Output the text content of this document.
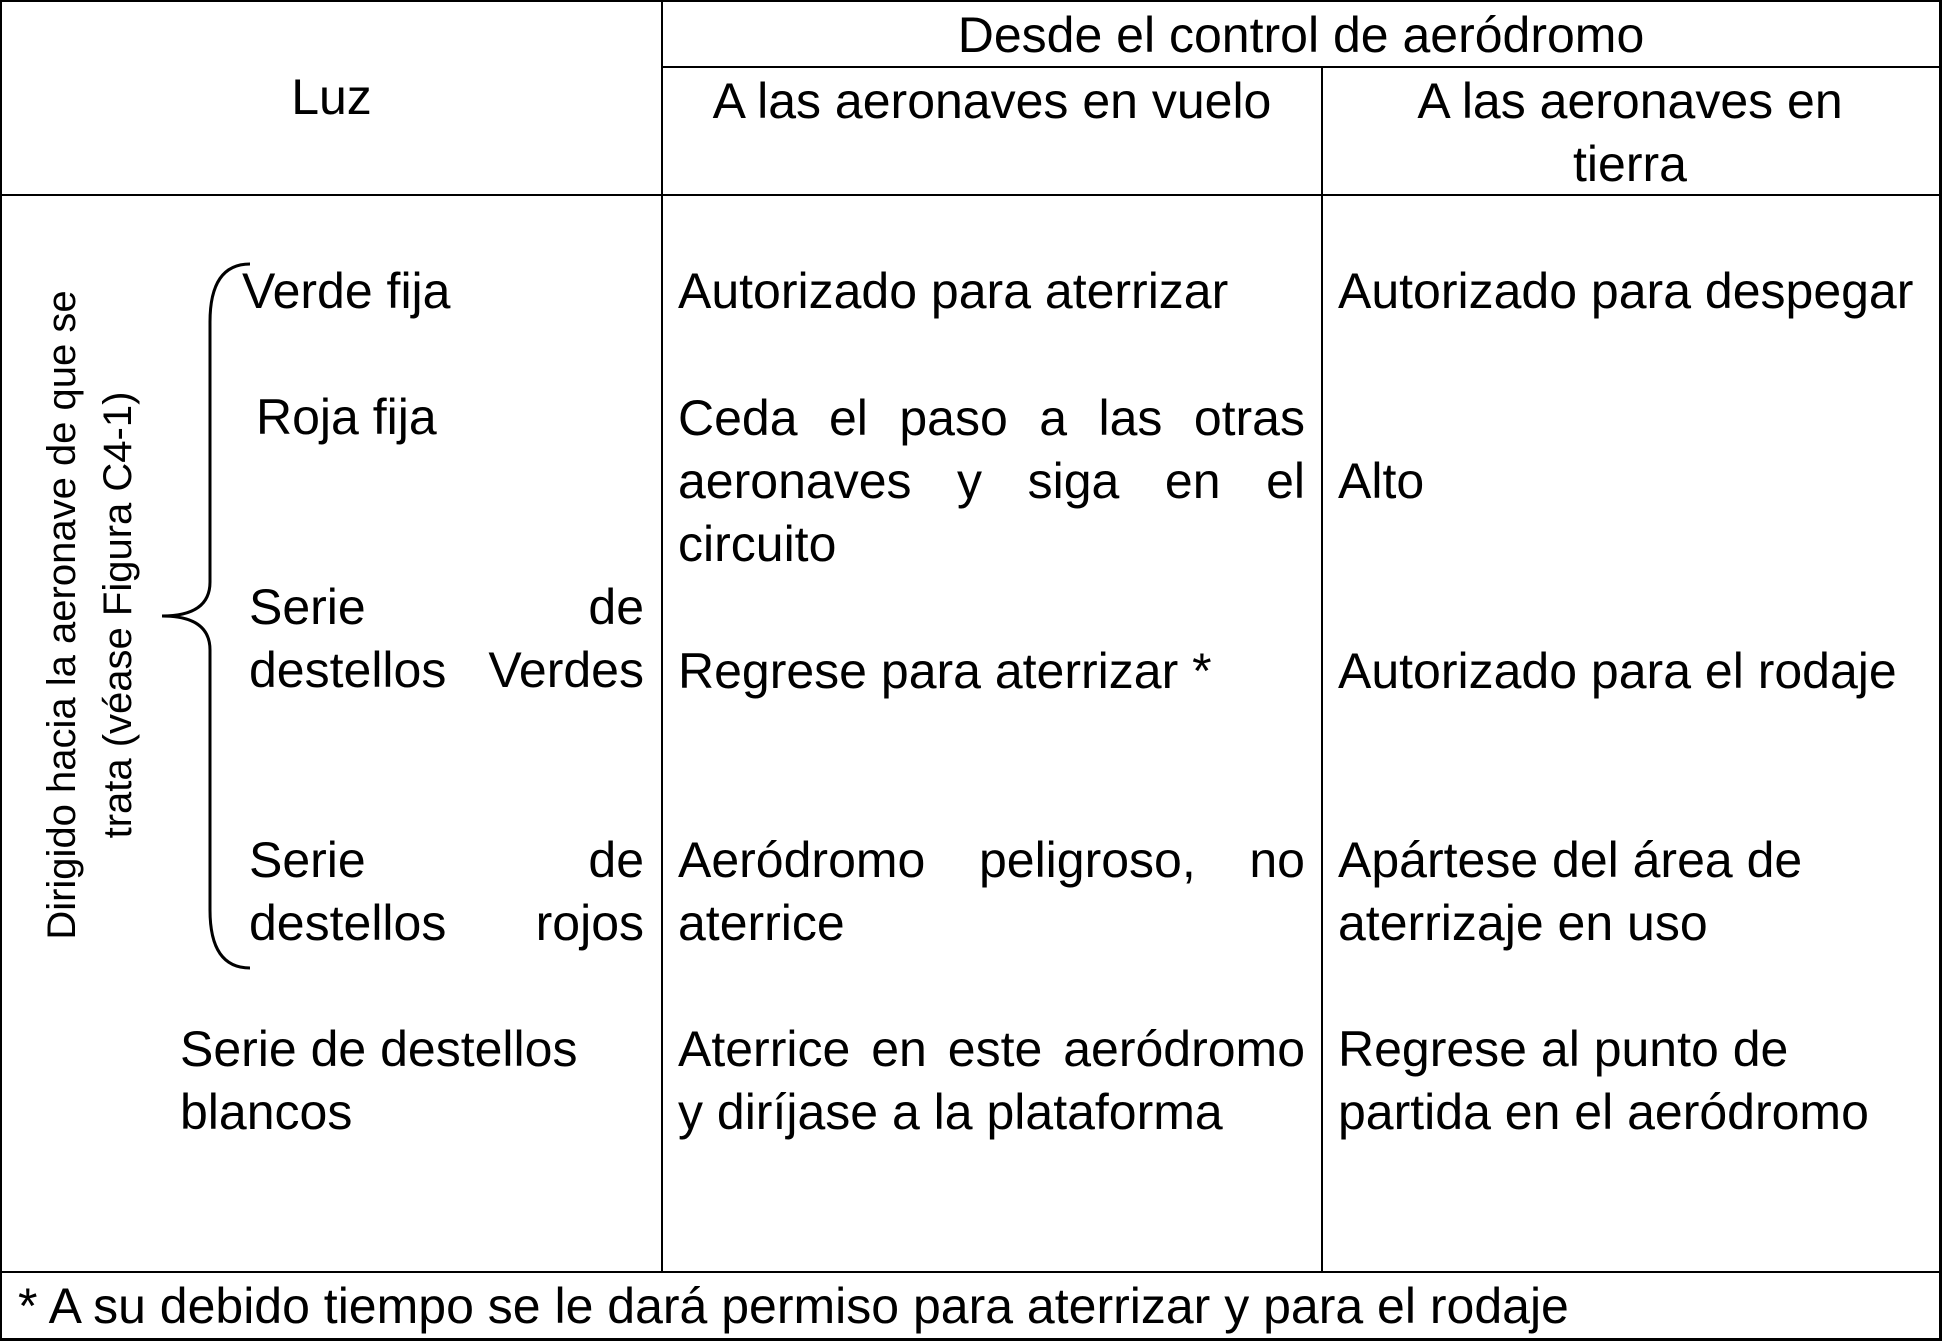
Luz
Desde el control de aeródromo
A las aeronaves en vuelo	A las aeronaves en tierra
Dirigido hacia la aeronave de que se trata (véase Figura C4-1)
Verde fija
Roja fija
Serie de destellos Verdes
Serie de destellos rojos
Serie de destellos blancos
Autorizado para aterrizar
Ceda el paso a las otras aeronaves y siga en el circuito
Regrese para aterrizar *
Aeródromo peligroso, no aterrice
Aterrice en este aeródromo y diríjase a la plataforma
Autorizado para despegar
Alto
Autorizado para el rodaje
Apártese del área de aterrizaje en uso
Regrese al punto de partida en el aeródromo
* A su debido tiempo se le dará permiso para aterrizar y para el rodaje
